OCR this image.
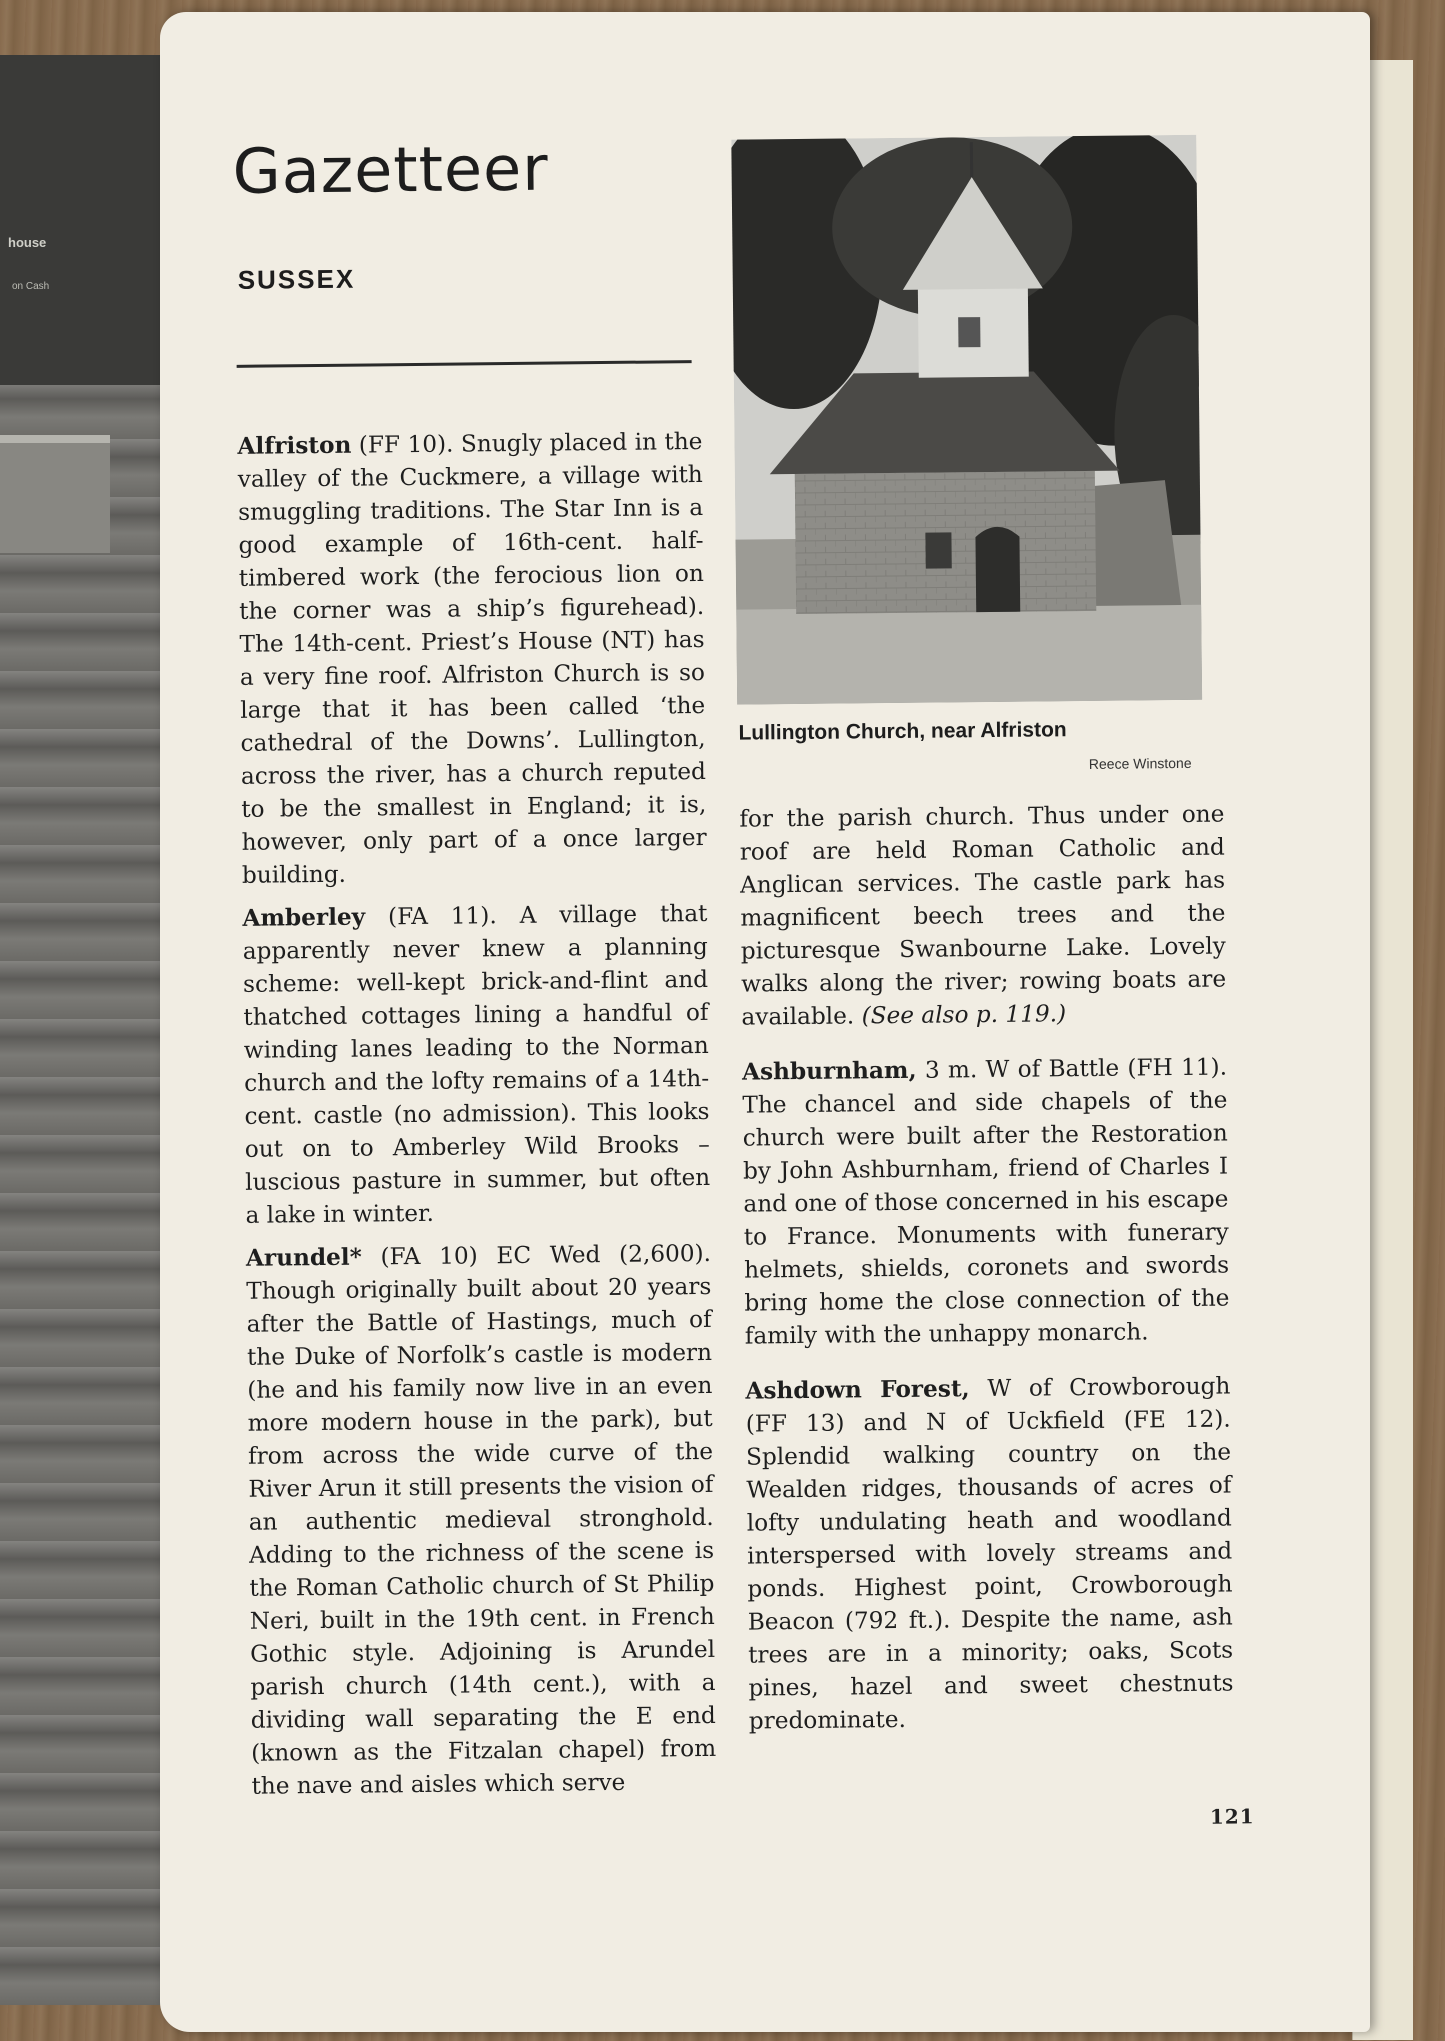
house
on Cash
Gazetteer
SUSSEX
Lullington Church, near Alfriston
Reece Winstone

Alfriston (FF 10). Snugly placed in the valley of the Cuckmere, a village with smuggling traditions. The Star Inn is a good example of 16th-cent. half-timbered work (the ferocious lion on the corner was a ship’s figurehead). The 14th-cent. Priest’s House (NT) has a very fine roof. Alfriston Church is so large that it has been called ‘the cathedral of the Downs’. Lullington, across the river, has a church reputed to be the smallest in England; it is, however, only part of a once larger building.

Amberley (FA 11). A village that apparently never knew a planning scheme: well-kept brick-and-flint and thatched cottages lining a handful of winding lanes leading to the Norman church and the lofty remains of a 14th-cent. castle (no admission). This looks out on to Amberley Wild Brooks – luscious pasture in summer, but often a lake in winter.

Arundel* (FA 10) EC Wed (2,600). Though originally built about 20 years after the Battle of Hastings, much of the Duke of Norfolk’s castle is modern (he and his family now live in an even more modern house in the park), but from across the wide curve of the River Arun it still presents the vision of an authentic medieval stronghold. Adding to the richness of the scene is the Roman Catholic church of St Philip Neri, built in the 19th cent. in French Gothic style. Adjoining is Arundel parish church (14th cent.), with a dividing wall separating the E end (known as the Fitzalan chapel) from the nave and aisles which serve

for the parish church. Thus under one roof are held Roman Catholic and Anglican services. The castle park has magnificent beech trees and the picturesque Swanbourne Lake. Lovely walks along the river; rowing boats are available. (See also p. 119.)

Ashburnham, 3 m. W of Battle (FH 11). The chancel and side chapels of the church were built after the Restoration by John Ashburnham, friend of Charles I and one of those concerned in his escape to France. Monuments with funerary helmets, shields, coronets and swords bring home the close connection of the family with the unhappy monarch.

Ashdown Forest, W of Crowborough (FF 13) and N of Uckfield (FE 12). Splendid walking country on the Wealden ridges, thousands of acres of lofty undulating heath and woodland interspersed with lovely streams and ponds. Highest point, Crowborough Beacon (792 ft.). Despite the name, ash trees are in a minority; oaks, Scots pines, hazel and sweet chestnuts predominate.

121
